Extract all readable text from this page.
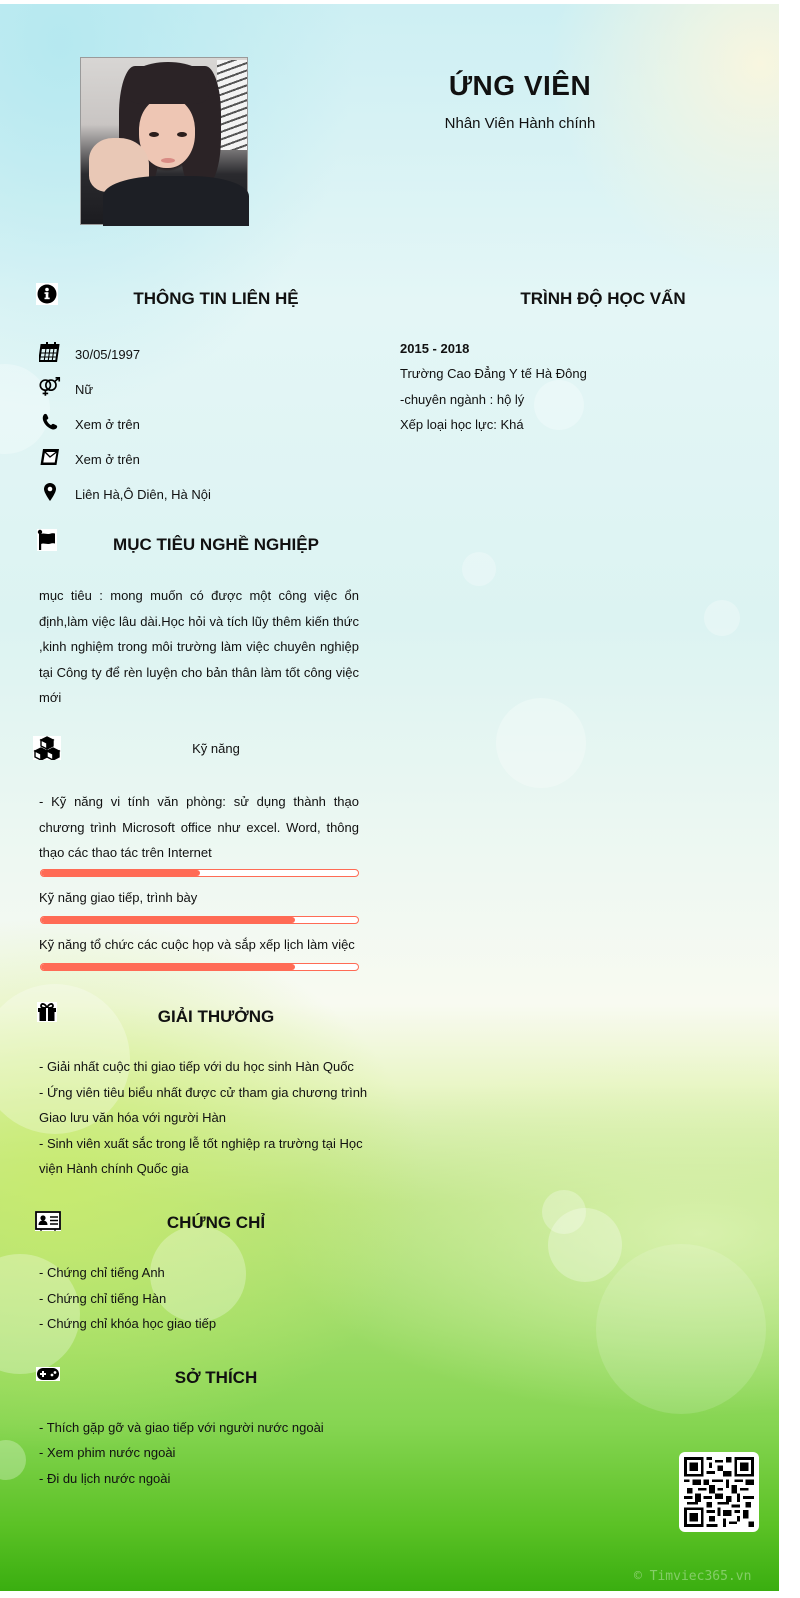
ỨNG VIÊN
Nhân Viên Hành chính
THÔNG TIN LIÊN HỆ
30/05/1997
Nữ
Xem ở trên
Xem ở trên
Liên Hà,Ô Diên, Hà Nội
TRÌNH ĐỘ HỌC VẤN
2015 - 2018
Trường Cao Đẳng Y tế Hà Đông
-chuyên ngành : hộ lý
Xếp loại học lực: Khá
MỤC TIÊU NGHỀ NGHIỆP
mục tiêu : mong muốn có được một công việc ổn định,làm việc lâu dài.Học hỏi và tích lũy thêm kiến thức ,kinh nghiệm trong môi trường làm việc chuyên nghiệp tại Công ty để rèn luyện cho bản thân làm tốt công việc mới
Kỹ năng
- Kỹ năng vi tính văn phòng: sử dụng thành thạo chương trình Microsoft office như excel. Word, thông thạo các thao tác trên Internet
Kỹ năng giao tiếp, trình bày
Kỹ năng tổ chức các cuộc họp và sắp xếp lịch làm việc
GIẢI THƯỞNG
- Giải nhất cuộc thi giao tiếp với du học sinh Hàn Quốc
- Ứng viên tiêu biểu nhất được cử tham gia chương trình
Giao lưu văn hóa với người Hàn
- Sinh viên xuất sắc trong lễ tốt nghiệp ra trường tại Học
viện Hành chính Quốc gia
CHỨNG CHỈ
- Chứng chỉ tiếng Anh
- Chứng chỉ tiếng Hàn
- Chứng chỉ khóa học giao tiếp
SỞ THÍCH
- Thích gặp gỡ và giao tiếp với người nước ngoài
- Xem phim nước ngoài
- Đi du lịch nước ngoài
© Timviec365.vn
